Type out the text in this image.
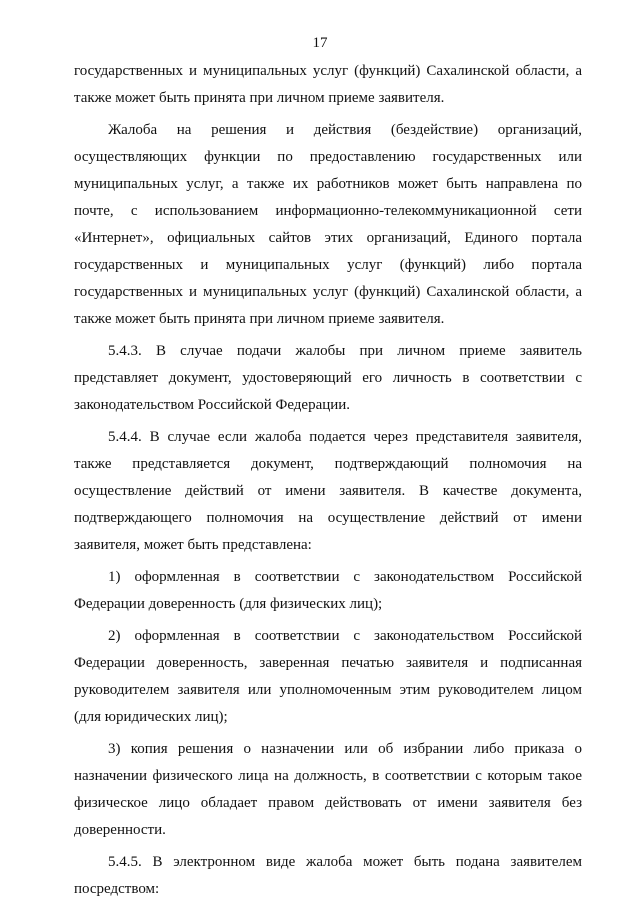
17

государственных и муниципальных услуг (функций) Сахалинской области, а также может быть принята при личном приеме заявителя.

Жалоба на решения и действия (бездействие) организаций, осуществляющих функции по предоставлению государственных или муниципальных услуг, а также их работников может быть направлена по почте, с использованием информационно-телекоммуникационной сети «Интернет», официальных сайтов этих организаций, Единого портала государственных и муниципальных услуг (функций) либо портала государственных и муниципальных услуг (функций) Сахалинской области, а также может быть принята при личном приеме заявителя.

5.4.3. В случае подачи жалобы при личном приеме заявитель представляет документ, удостоверяющий его личность в соответствии с законодательством Российской Федерации.

5.4.4. В случае если жалоба подается через представителя заявителя, также представляется документ, подтверждающий полномочия на осуществление действий от имени заявителя. В качестве документа, подтверждающего полномочия на осуществление действий от имени заявителя, может быть представлена:

1) оформленная в соответствии с законодательством Российской Федерации доверенность (для физических лиц);

2) оформленная в соответствии с законодательством Российской Федерации доверенность, заверенная печатью заявителя и подписанная руководителем заявителя или уполномоченным этим руководителем лицом (для юридических лиц);

3) копия решения о назначении или об избрании либо приказа о назначении физического лица на должность, в соответствии с которым такое физическое лицо обладает правом действовать от имени заявителя без доверенности.

5.4.5. В электронном виде жалоба может быть подана заявителем посредством:
